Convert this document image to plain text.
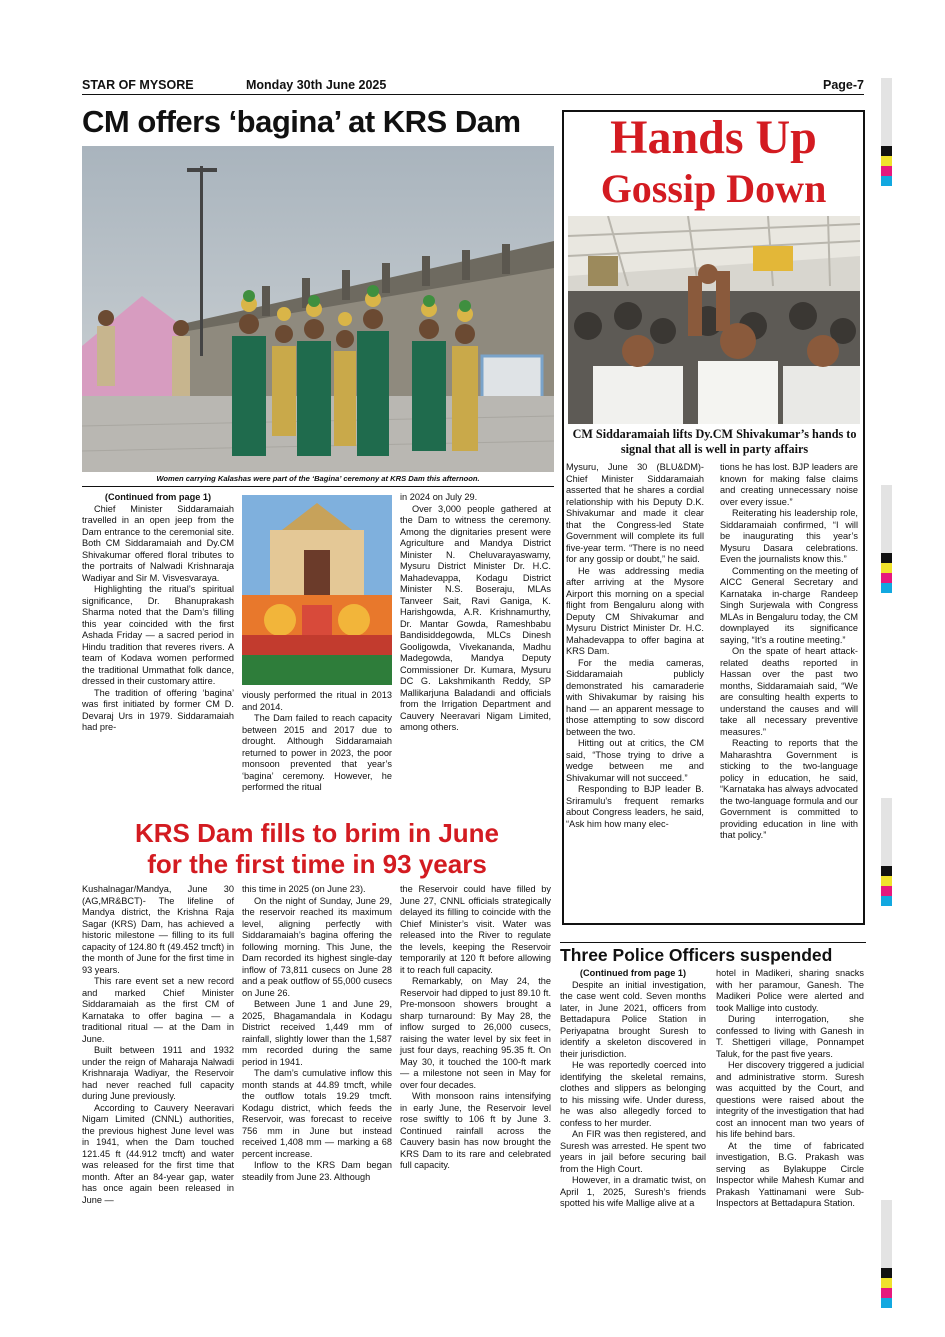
STAR OF MYSORE	Monday 30th June 2025	Page-7
CM offers ‘bagina’ at KRS Dam
Women carrying Kalashas were part of the ‘Bagina’ ceremony at KRS Dam this afternoon.

(Continued from page 1)

Chief Minister Siddaramaiah travelled in an open jeep from the Dam entrance to the ceremonial site. Both CM Siddaramaiah and Dy.CM Shivakumar offered floral tributes to the portraits of Nalwadi Krishnaraja Wadiyar and Sir M. Visvesvaraya.

Highlighting the ritual’s spiritual significance, Dr. Bhanuprakash Sharma noted that the Dam’s filling this year coincided with the first Ashada Friday — a sacred period in Hindu tradition that reveres rivers. A team of Kodava women performed the traditional Ummathat folk dance, dressed in their customary attire.

The tradition of offering ‘bagina’ was first initiated by former CM D. Devaraj Urs in 1979. Siddaramaiah had pre-

viously performed the ritual in 2013 and 2014.

The Dam failed to reach capacity between 2015 and 2017 due to drought. Although Siddaramaiah returned to power in 2023, the poor monsoon prevented that year’s ‘bagina’ ceremony. However, he performed the ritual

in 2024 on July 29.

Over 3,000 people gathered at the Dam to witness the ceremony. Among the dignitaries present were Agriculture and Mandya District Minister N. Cheluvarayaswamy, Mysuru District Minister Dr. H.C. Mahadevappa, Kodagu District Minister N.S. Boseraju, MLAs Tanveer Sait, Ravi Ganiga, K. Harishgowda, A.R. Krishnamurthy, Dr. Mantar Gowda, Rameshbabu Bandisiddegowda, MLCs Dinesh Gooligowda, Vivekananda, Madhu Madegowda, Mandya Deputy Commissioner Dr. Kumara, Mysuru DC G. Lakshmikanth Reddy, SP Mallikarjuna Baladandi and officials from the Irrigation Department and Cauvery Neeravari Nigam Limited, among others.

KRS Dam fills to brim in June
for the first time in 93 years

Kushalnagar/Mandya, June 30 (AG,MR&BCT)- The lifeline of Mandya district, the Krishna Raja Sagar (KRS) Dam, has achieved a historic milestone — filling to its full capacity of 124.80 ft (49.452 tmcft) in the month of June for the first time in 93 years.

This rare event set a new record and marked Chief Minister Siddaramaiah as the first CM of Karnataka to offer bagina — a traditional ritual — at the Dam in June.

Built between 1911 and 1932 under the reign of Maharaja Nalwadi Krishnaraja Wadiyar, the Reservoir had never reached full capacity during June previously.

According to Cauvery Neeravari Nigam Limited (CNNL) authorities, the previous highest June level was in 1941, when the Dam touched 121.45 ft (44.912 tmcft) and water was released for the first time that month. After an 84-year gap, water has once again been released in June —

this time in 2025 (on June 23).

On the night of Sunday, June 29, the reservoir reached its maximum level, aligning perfectly with Siddaramaiah’s bagina offering the following morning. This June, the Dam recorded its highest single-day inflow of 73,811 cusecs on June 28 and a peak outflow of 55,000 cusecs on June 26.

Between June 1 and June 29, 2025, Bhagamandala in Kodagu District received 1,449 mm of rainfall, slightly lower than the 1,587 mm recorded during the same period in 1941.

The dam’s cumulative inflow this month stands at 44.89 tmcft, while the outflow totals 19.29 tmcft. Kodagu district, which feeds the Reservoir, was forecast to receive 756 mm in June but instead received 1,408 mm — marking a 68 percent increase.

Inflow to the KRS Dam began steadily from June 23. Although

the Reservoir could have filled by June 27, CNNL officials strategically delayed its filling to coincide with the Chief Minister’s visit. Water was released into the River to regulate the levels, keeping the Reservoir temporarily at 120 ft before allowing it to reach full capacity.

Remarkably, on May 24, the Reservoir had dipped to just 89.10 ft. Pre-monsoon showers brought a sharp turnaround: By May 28, the inflow surged to 26,000 cusecs, raising the water level by six feet in just four days, reaching 95.35 ft. On May 30, it touched the 100-ft mark — a milestone not seen in May for over four decades.

With monsoon rains intensifying in early June, the Reservoir level rose swiftly to 106 ft by June 3. Continued rainfall across the Cauvery basin has now brought the KRS Dam to its rare and celebrated full capacity.

Hands Up
Gossip Down
CM Siddaramaiah lifts Dy.CM Shivakumar’s hands to signal that all is well in party affairs

Mysuru, June 30 (BLU&DM)- Chief Minister Siddaramaiah asserted that he shares a cordial relationship with his Deputy D.K. Shivakumar and made it clear that the Congress-led State Government will complete its full five-year term. “There is no need for any gossip or doubt,” he said.

He was addressing media after arriving at the Mysore Airport this morning on a special flight from Bengaluru along with Deputy CM Shivakumar and Mysuru District Minister Dr. H.C. Mahadevappa to offer bagina at KRS Dam.

For the media cameras, Siddaramaiah publicly demonstrated his camaraderie with Shivakumar by raising his hand — an apparent message to those attempting to sow discord between the two.

Hitting out at critics, the CM said, “Those trying to drive a wedge between me and Shivakumar will not succeed.”

Responding to BJP leader B. Sriramulu’s frequent remarks about Congress leaders, he said, “Ask him how many elec-

tions he has lost. BJP leaders are known for making false claims and creating unnecessary noise over every issue.”

Reiterating his leadership role, Siddaramaiah confirmed, “I will be inaugurating this year’s Mysuru Dasara celebrations. Even the journalists know this.”

Commenting on the meeting of AICC General Secretary and Karnataka in-charge Randeep Singh Surjewala with Congress MLAs in Bengaluru today, the CM downplayed its significance saying, “It’s a routine meeting.”

On the spate of heart attack-related deaths reported in Hassan over the past two months, Siddaramaiah said, “We are consulting health experts to understand the causes and will take all necessary preventive measures.”

Reacting to reports that the Maharashtra Government is sticking to the two-language policy in education, he said, “Karnataka has always advocated the two-language formula and our Government is committed to providing education in line with that policy.”

Three Police Officers suspended

(Continued from page 1)

Despite an initial investigation, the case went cold. Seven months later, in June 2021, officers from Bettadapura Police Station in Periyapatna brought Suresh to identify a skeleton discovered in their jurisdiction.

He was reportedly coerced into identifying the skeletal remains, clothes and slippers as belonging to his missing wife. Under duress, he was also allegedly forced to confess to her murder.

An FIR was then registered, and Suresh was arrested. He spent two years in jail before securing bail from the High Court.

However, in a dramatic twist, on April 1, 2025, Suresh’s friends spotted his wife Mallige alive at a

hotel in Madikeri, sharing snacks with her paramour, Ganesh. The Madikeri Police were alerted and took Mallige into custody.

During interrogation, she confessed to living with Ganesh in T. Shettigeri village, Ponnampet Taluk, for the past five years.

Her discovery triggered a judicial and administrative storm. Suresh was acquitted by the Court, and questions were raised about the integrity of the investigation that had cost an innocent man two years of his life behind bars.

At the time of fabricated investigation, B.G. Prakash was serving as Bylakuppe Circle Inspector while Mahesh Kumar and Prakash Yattinamani were Sub-Inspectors at Bettadapura Station.
